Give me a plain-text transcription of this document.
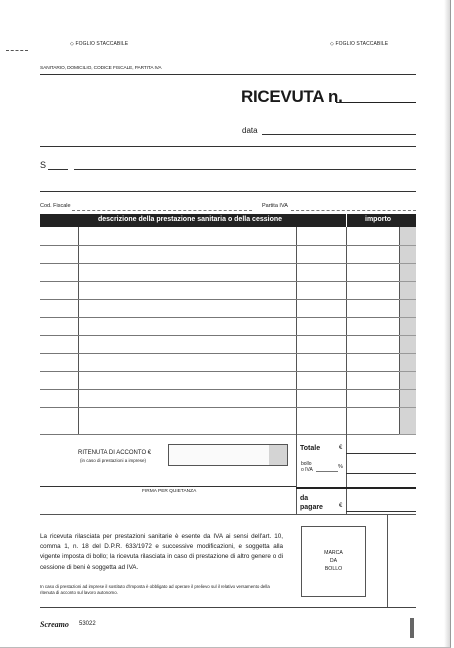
◇ FOGLIO STACCABILE	◇ FOGLIO STACCABILE
SANITARIO, DOMICILIO, CODICE FISCALE, PARTITA IVA
RICEVUTA n.
data
S
Cod. Fiscale	Partita IVA
descrizione della prestazione sanitaria o della cessione	importo
RITENUTA DI ACCONTO €
(in caso di prestazioni a imprese)
FIRMA PER QUIETANZA
Totale	€
bollo
o IVA	%
da
pagare	€
La ricevuta rilasciata per prestazioni sanitarie è esente da IVA ai sensi dell'art. 10, comma 1, n. 18 del D.P.R. 633/1972 e successive modificazioni, e soggetta alla vigente imposta di bollo; la ricevuta rilasciata in caso di prestazione di altro genere o di cessione di beni è soggetta ad IVA.
In caso di prestazioni ad imprese il sostituto d'imposta è obbligato ad operare il prelievo sul il relativo versamento della ritenuta di acconto sul lavoro autonomo.
MARCA
DA
BOLLO
Screamo 53022
